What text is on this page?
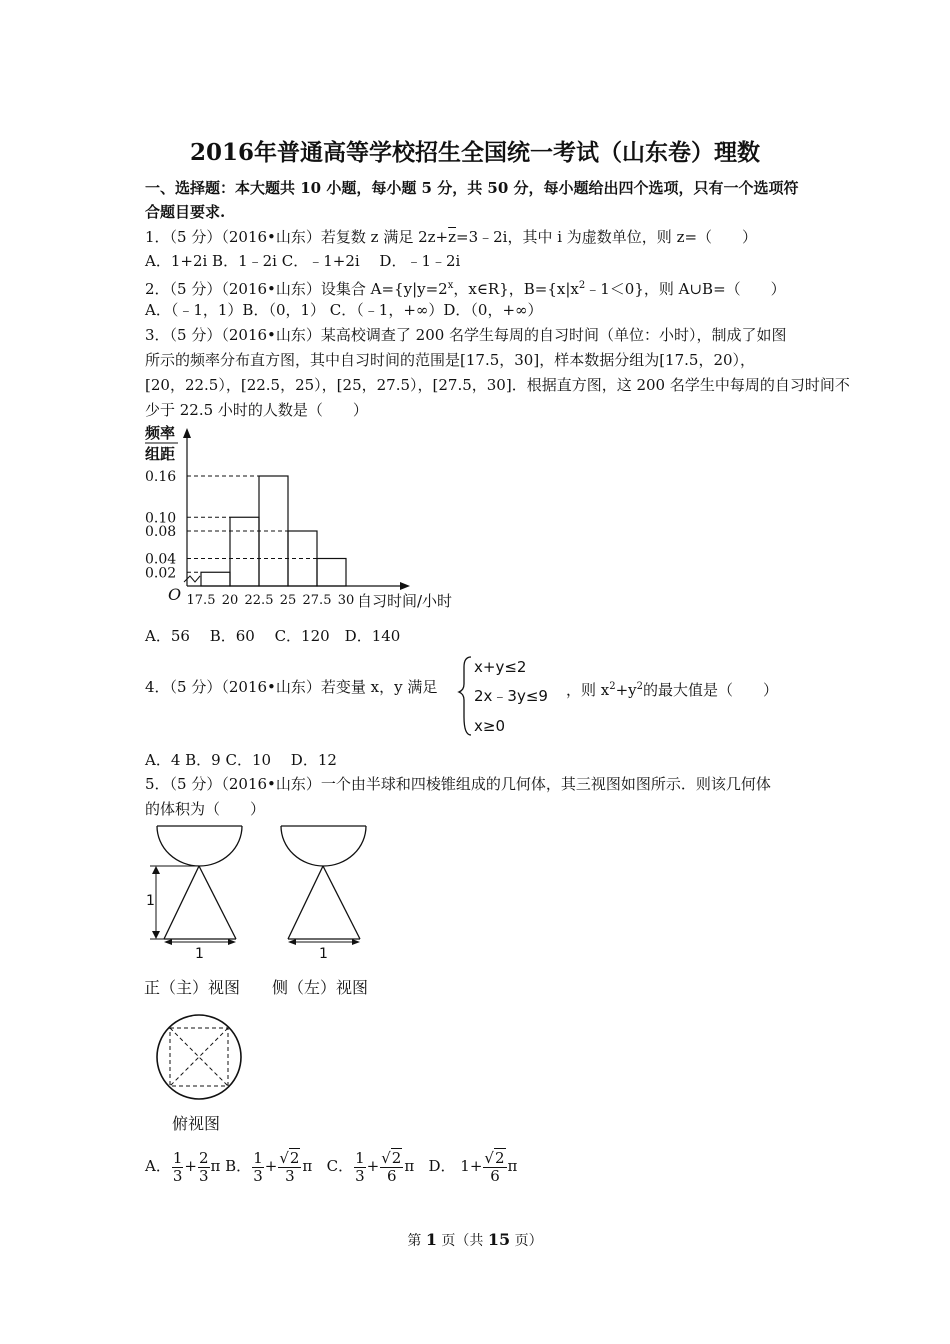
2016年普通高等学校招生全国统一考试（山东卷）理数
一、选择题：本大题共 10 小题，每小题 5 分，共 50 分，每小题给出四个选项，只有一个选项符
合题目要求.
1．（5 分）（2016•山东）若复数 z 满足 $2z+\overline{z}=3﹣2i$，其中 i 为虚数单位，则 z=（　　）
A．1+2i B．1﹣2i C．﹣1+2i　 D．﹣1﹣2i
2．（5 分）（2016•山东）设集合 $A=\{y|y=2^x$，x∈R}，$B=\{x|x^2﹣1<0\}$，则 A∪B=（　　）
A．（﹣1，1）B．（0，1） C．（﹣1，+∞）D．（0，+∞）
3．（5 分）（2016•山东）某高校调查了 200 名学生每周的自习时间（单位：小时），制成了如图
所示的频率分布直方图，其中自习时间的范围是[17.5，30]，样本数据分组为[17.5，20），
[20，22.5），[22.5，25），[25，27.5），[27.5，30]．根据直方图，这 200 名学生中每周的自习时间不
少于 22.5 小时的人数是（　　）
0.16
0.10
0.08
0.04
0.02
17.5 20 22.5 25 27.5 30
频率
组距
O	自习时间/小时
A．56　 B．60　 C．120　D．140
4．（5 分）（2016•山东）若变量 x，y 满足
x+y≤2
2x﹣3y≤9
x≥0
，则 $x^2+y^2$的最大值是（　　）
A．4 B．9 C．10　 D．12
5．（5 分）（2016•山东）一个由半球和四棱锥组成的几何体，其三视图如图所示．则该几何体
的体积为（　　）
1
1	1
正（主）视图 侧（左）视图
俯视图
A． $\frac{1}{3} + \frac{2}{3}$ π B． $\frac{1}{3} + \frac{√2}{3}$ π C． $\frac{1}{3} + \frac{√2}{6}$ π D． $1+ \frac{√2}{6}$ π
第 1 页（共 15 页）
